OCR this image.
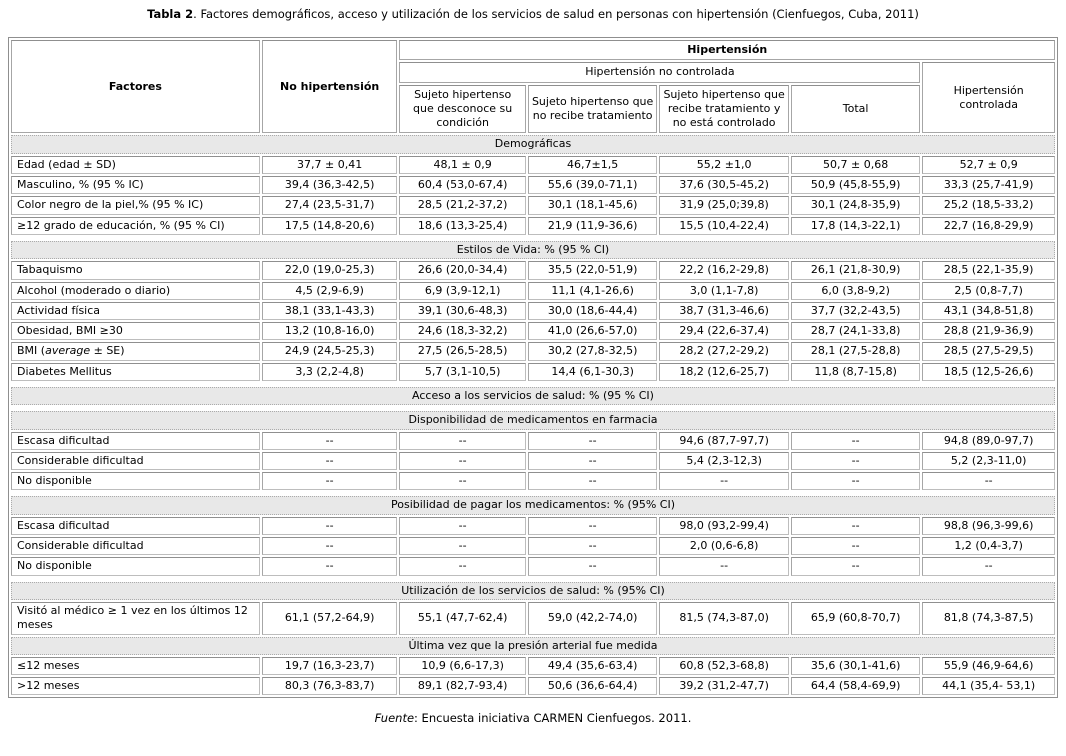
Tabla 2. Factores demográficos, acceso y utilización de los servicios de salud en personas con hipertensión (Cienfuegos, Cuba, 2011)
Factores	No hipertensión	Hipertensión				
		Hipertensión no controlada				Hipertensión controlada
		Sujeto hipertenso que desconoce su condición	Sujeto hipertenso que no recibe tratamiento	Sujeto hipertenso que recibe tratamiento y no está controlado	Total	
Demográficas						
Edad (edad ± SD)	37,7 ± 0,41	48,1 ± 0,9	46,7±1,5	55,2 ±1,0	50,7 ± 0,68	52,7 ± 0,9
Masculino, % (95 % IC)	39,4 (36,3-42,5)	60,4 (53,0-67,4)	55,6 (39,0-71,1)	37,6 (30,5-45,2)	50,9 (45,8-55,9)	33,3 (25,7-41,9)
Color negro de la piel,% (95 % IC)	27,4 (23,5-31,7)	28,5 (21,2-37,2)	30,1 (18,1-45,6)	31,9 (25,0;39,8)	30,1 (24,8-35,9)	25,2 (18,5-33,2)
≥12 grado de educación, % (95 % CI)	17,5 (14,8-20,6)	18,6 (13,3-25,4)	21,9 (11,9-36,6)	15,5 (10,4-22,4)	17,8 (14,3-22,1)	22,7 (16,8-29,9)

Estilos de Vida: % (95 % CI)						
Tabaquismo	22,0 (19,0-25,3)	26,6 (20,0-34,4)	35,5 (22,0-51,9)	22,2 (16,2-29,8)	26,1 (21,8-30,9)	28,5 (22,1-35,9)
Alcohol (moderado o diario)	4,5 (2,9-6,9)	6,9 (3,9-12,1)	11,1 (4,1-26,6)	3,0 (1,1-7,8)	6,0 (3,8-9,2)	2,5 (0,8-7,7)
Actividad física	38,1 (33,1-43,3)	39,1 (30,6-48,3)	30,0 (18,6-44,4)	38,7 (31,3-46,6)	37,7 (32,2-43,5)	43,1 (34,8-51,8)
Obesidad, BMI ≥30	13,2 (10,8-16,0)	24,6 (18,3-32,2)	41,0 (26,6-57,0)	29,4 (22,6-37,4)	28,7 (24,1-33,8)	28,8 (21,9-36,9)
BMI (average ± SE)	24,9 (24,5-25,3)	27,5 (26,5-28,5)	30,2 (27,8-32,5)	28,2 (27,2-29,2)	28,1 (27,5-28,8)	28,5 (27,5-29,5)
Diabetes Mellitus	3,3 (2,2-4,8)	5,7 (3,1-10,5)	14,4 (6,1-30,3)	18,2 (12,6-25,7)	11,8 (8,7-15,8)	18,5 (12,5-26,6)

Acceso a los servicios de salud: % (95 % CI)						

Disponibilidad de medicamentos en farmacia						
Escasa dificultad	--	--	--	94,6 (87,7-97,7)	--	94,8 (89,0-97,7)
Considerable dificultad	--	--	--	5,4 (2,3-12,3)	--	5,2 (2,3-11,0)
No disponible	--	--	--	--	--	--

Posibilidad de pagar los medicamentos: % (95% CI)						
Escasa dificultad	--	--	--	98,0 (93,2-99,4)	--	98,8 (96,3-99,6)
Considerable dificultad	--	--	--	2,0 (0,6-6,8)	--	1,2 (0,4-3,7)
No disponible	--	--	--	--	--	--

Utilización de los servicios de salud: % (95% CI)						
Visitó al médico ≥ 1 vez en los últimos 12 meses	61,1 (57,2-64,9)	55,1 (47,7-62,4)	59,0 (42,2-74,0)	81,5 (74,3-87,0)	65,9 (60,8-70,7)	81,8 (74,3-87,5)
Última vez que la presión arterial fue medida						
≤12 meses	19,7 (16,3-23,7)	10,9 (6,6-17,3)	49,4 (35,6-63,4)	60,8 (52,3-68,8)	35,6 (30,1-41,6)	55,9 (46,9-64,6)
>12 meses	80,3 (76,3-83,7)	89,1 (82,7-93,4)	50,6 (36,6-64,4)	39,2 (31,2-47,7)	64,4 (58,4-69,9)	44,1 (35,4- 53,1)
Fuente: Encuesta iniciativa CARMEN Cienfuegos. 2011.
